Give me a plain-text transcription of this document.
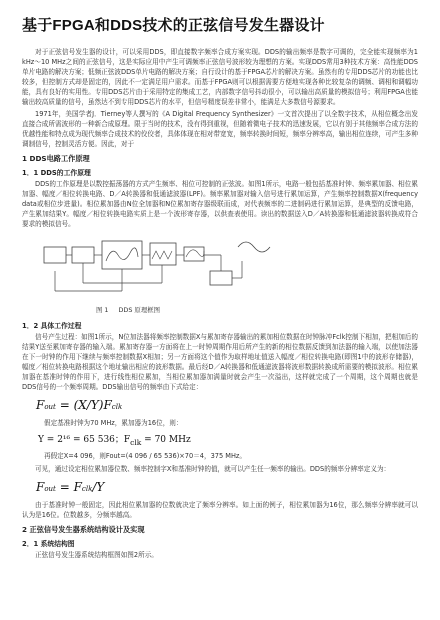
基于FPGA和DDS技术的正弦信号发生器设计

对于正弦信号发生器的设计，可以采用DDS，即直接数字频率合成方案实现。DDS的输出频率是数字可调的，完全能实现频率为1 kHz～10 MHz之间的正弦信号，这是实际应用中产生可调频率正弦信号波形较为理想的方案。实现DDS常用3种技术方案：高性能DDS单片电路的解决方案；低频正弦波DDS单片电路的解决方案；自行设计的基于FPGA芯片的解决方案。虽然有的专用DDS芯片的功能也比较多，但控制方式却是固定的，因此不一定满足用户需求。而基于FPGA则可以根据需要方便地实现各种比较复杂的调频、调相和调幅功能，具有良好的实用性。专用DDS芯片由于采用特定的集成工艺，内部数字信号抖动很小，可以输出高质量的模拟信号；利用FPGA也能输出较高质量的信号，虽然达不到专用DDS芯片的水平，但信号精度误差非常小，能满足大多数信号源要求。

1971年，美国学者J．Tierney等人撰写的《A Digital Frequency Synthesizer》一文首次提出了以全数字技术，从相位概念出发直接合成所需波形的一种新合成原理。限于当时的技术，没有得到重视，但随着微电子技术的迅速发展，它以有别于其他频率合成方法的优越性能和特点成为现代频率合成技术的佼佼者，具体体现在相对带宽宽，频率转换时间短，频率分辨率高，输出相位连续，可产生多种调制信号，控制灵活方便。因此，对于

1 DDS电路工作原理
1．1 DDS的工作原理

DDS的工作原理是以数控振荡器的方式产生频率、相位可控制的正弦波。如图1所示，电路一般包括基准时钟、频率累加器、相位累加器、幅度／相位转换电路、D／A转换器和低通滤波器(LPF)。频率累加器对输入信号进行累加运算，产生频率控制数据X(frequency data或相位步进量)。相位累加器由N位全加器和N位累加寄存器级联而成，对代表频率的二进制码进行累加运算，是典型的反馈电路，产生累加结果Y。幅度／相位转换电路实质上是一个波形寄存器，以供查表使用。读出的数据送入D／A转换器和低通滤波器转换成符合要求的模拟信号。

图 1 DDS 原理框图
1．2 具体工作过程

信号产生过程：如图1所示，N位加法器将频率控制数据X与累加寄存器输出的累加相位数据在时钟脉冲Fclk控制下相加，把相加后的结果Y送至累加寄存器的输入端。累加寄存器一方面将在上一时钟周期作用后所产生的新的相位数据反馈到加法器的输入端，以使加法器在下一时钟的作用下继续与频率控制数据X相加；另一方面将这个值作为取样地址值送入幅度／相位转换电路(即图1中的波形存储器)，幅度／相位转换电路根据这个地址输出相应的波形数据。最后经D／A转换器和低通滤波器将波形数据转换成所需要的模拟波形。相位累加器在基准时钟的作用下，进行线性相位累加，当相位累加器加满量时就会产生一次溢出，这样就完成了一个周期，这个周期也就是DDS信号的一个频率周期。DDS输出信号的频率由下式给定：

Fout = (X/Y)Fclk
假定基准时钟为70 MHz，累加器为16位，则：
Y = 2¹⁶ = 65 536；$F_{clk} = 70$ MHz
再假定X=4 096，则Fout=(4 096 / 65 536)×70＝4，375 MHz。

可见，通过设定相位累加器位数、频率控制字X和基准时钟的值，就可以产生任一频率的输出。DDS的频率分辨率定义为：

Fout = Fclk/Y

由于基准时钟一般固定，因此相位累加器的位数就决定了频率分辨率。如上面的例子，相位累加器为16位，那么频率分辨率就可以认为是16位。位数越多，分频率越高。

2 正弦信号发生器系统结构设计及实现
2．1 系统结构图

正弦信号发生器系统结构框图如图2所示。
